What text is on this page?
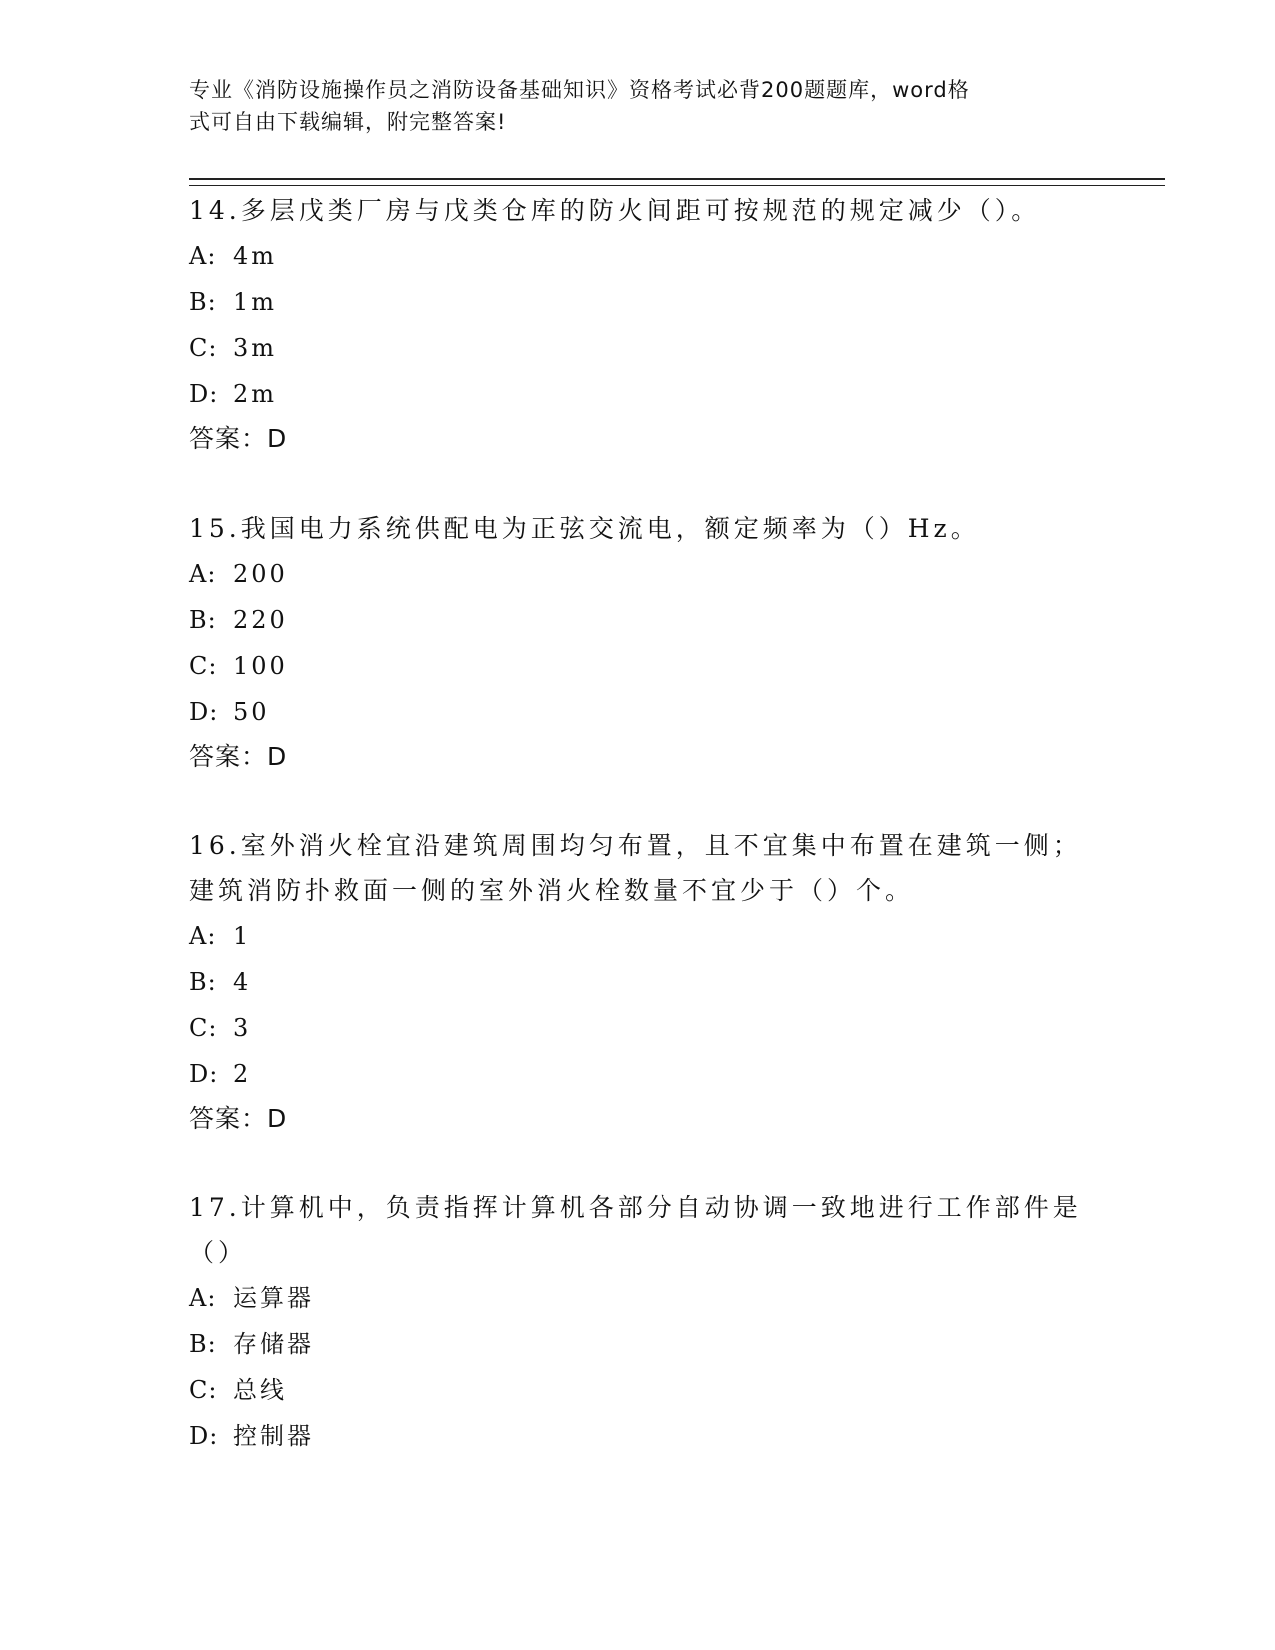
专业《消防设施操作员之消防设备基础知识》资格考试必背200题题库，word格
式可自由下载编辑，附完整答案!

14.多层戊类厂房与戊类仓库的防火间距可按规范的规定减少（）。

A: 4m
B: 1m
C: 3m
D: 2m
答案：D

15.我国电力系统供配电为正弦交流电，额定频率为（）Hz。

A: 200
B: 220
C: 100
D: 50
答案：D

16.室外消火栓宜沿建筑周围均匀布置，且不宜集中布置在建筑一侧；建筑消防扑救面一侧的室外消火栓数量不宜少于（）个。

A: 1
B: 4
C: 3
D: 2
答案：D

17.计算机中，负责指挥计算机各部分自动协调一致地进行工作部件是（）

A: 运算器
B: 存储器
C: 总线
D: 控制器
